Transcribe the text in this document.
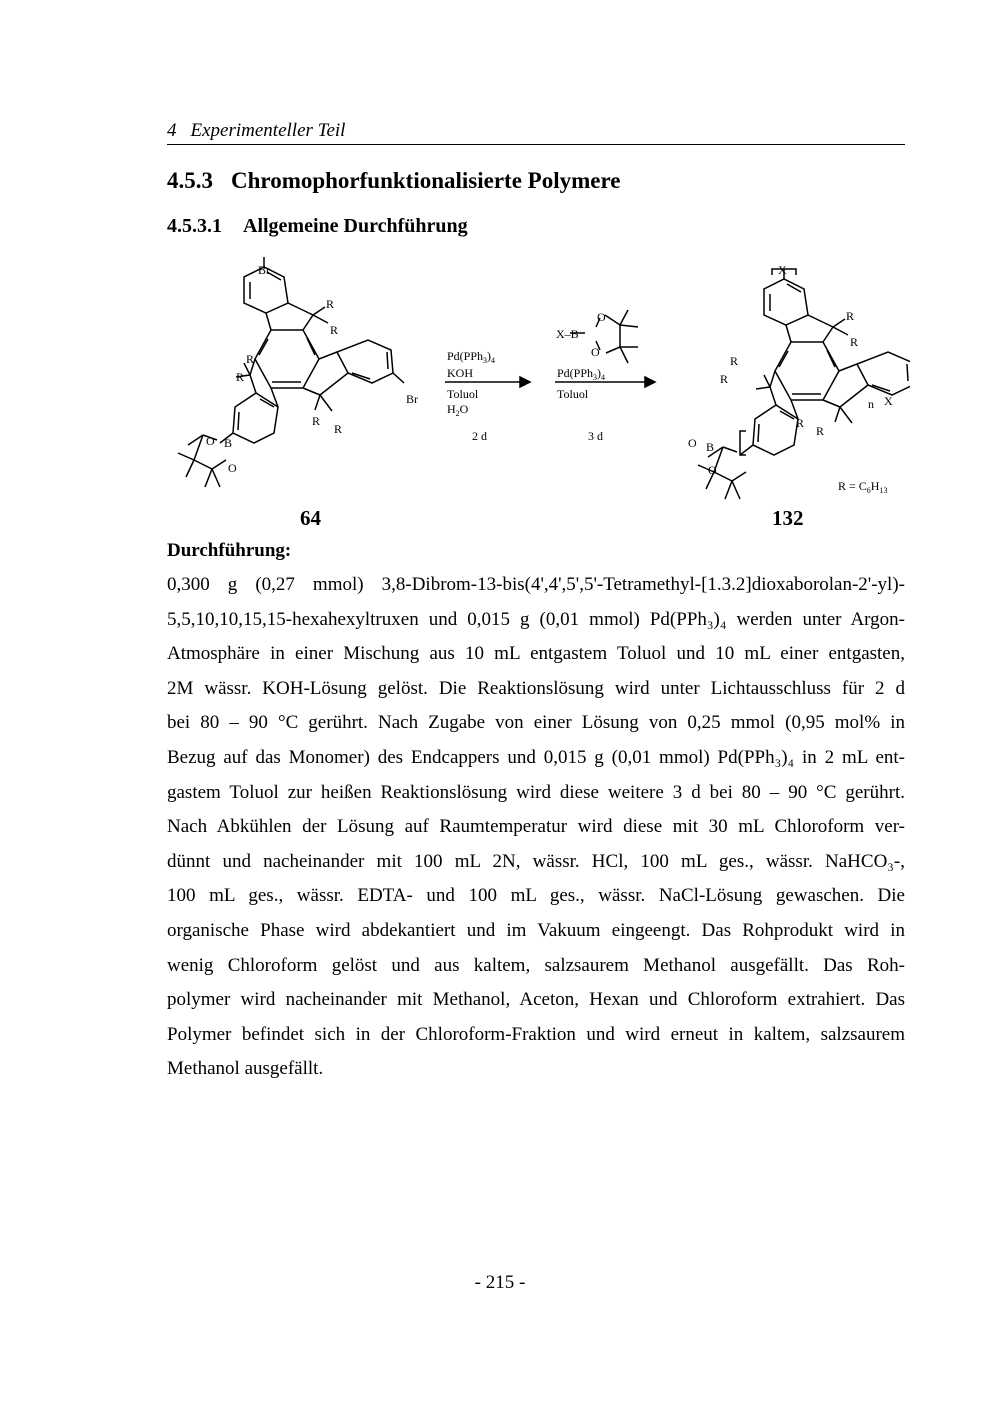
4 Experimenteller Teil
4.5.3 Chromophorfunktionalisierte Polymere
4.5.3.1 Allgemeine Durchführung
Br
R
R
Br
R
R
R
R
O B
O
64
$Pd(PPh_3)_4$
KOH
Toluol
$H_2O$
2 d
X–B
O
O
$Pd(PPh_3)_4$
Toluol
3 d
X
R
R
n X
R
R
R
R
O B
O
$R = C_6H_{13}$
132
Durchführung:
0,300 g (0,27 mmol) 3,8-Dibrom-13-bis(4',4',5',5'-Tetramethyl-[1.3.2]dioxaborolan-2'-yl)-
5,5,10,10,15,15-hexahexyltruxen und 0,015 g (0,01 mmol) Pd(PPh₃)₄ werden unter Argon-
Atmosphäre in einer Mischung aus 10 mL entgastem Toluol und 10 mL einer entgasten,
2M wässr. KOH-Lösung gelöst. Die Reaktionslösung wird unter Lichtausschluss für 2 d
bei 80 – 90 °C gerührt. Nach Zugabe von einer Lösung von 0,25 mmol (0,95 mol% in
Bezug auf das Monomer) des Endcappers und 0,015 g (0,01 mmol) Pd(PPh₃)₄ in 2 mL ent-
gastem Toluol zur heißen Reaktionslösung wird diese weitere 3 d bei 80 – 90 °C gerührt.
Nach Abkühlen der Lösung auf Raumtemperatur wird diese mit 30 mL Chloroform ver-
dünnt und nacheinander mit 100 mL 2N, wässr. HCl, 100 mL ges., wässr. NaHCO₃-,
100 mL ges., wässr. EDTA- und 100 mL ges., wässr. NaCl-Lösung gewaschen. Die
organische Phase wird abdekantiert und im Vakuum eingeengt. Das Rohprodukt wird in
wenig Chloroform gelöst und aus kaltem, salzsaurem Methanol ausgefällt. Das Roh-
polymer wird nacheinander mit Methanol, Aceton, Hexan und Chloroform extrahiert. Das
Polymer befindet sich in der Chloroform-Fraktion und wird erneut in kaltem, salzsaurem
Methanol ausgefällt.
- 215 -
